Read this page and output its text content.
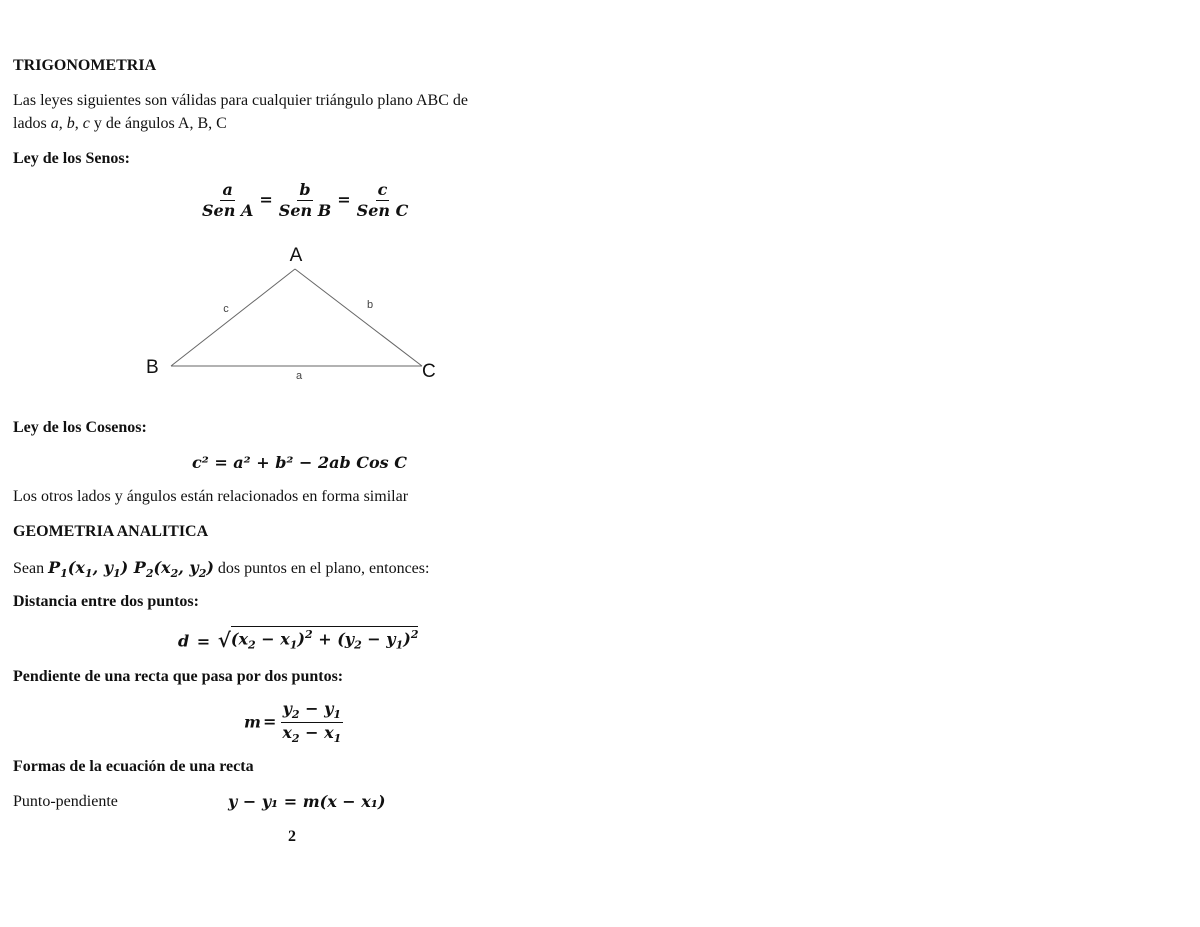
TRIGONOMETRIA
Las leyes siguientes son válidas para cualquier triángulo plano ABC de
lados a, b, c y de ángulos A, B, C
Ley de los Senos:
$\frac{a}{\text{Sen A}} = \frac{b}{\text{Sen B}} = \frac{c}{\text{Sen C}}$
A
B	C
a
b
c
Ley de los Cosenos:
c² = a² + b² − 2ab Cos C
Los otros lados y ángulos están relacionados en forma similar
GEOMETRIA ANALITICA
Sean $P_1(x_1$, $y_1$) $P_2(x_2$, $y_2$) dos puntos en el plano, entonces:
Distancia entre dos puntos:
d = √ $(x_2 - x_1)^2 + (y_2 - y_1)^2$
Pendiente de una recta que pasa por dos puntos:
$m = \frac{y_2 - y_1}{x_2 - x_1}$
Formas de la ecuación de una recta
Punto-pendiente	y − y₁ = m(x − x₁)
2
